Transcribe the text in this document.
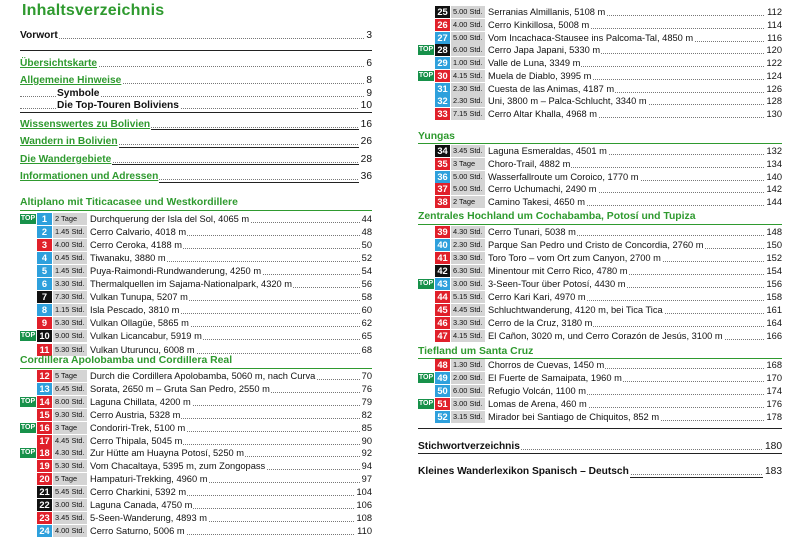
Inhaltsverzeichnis
Vorwort	3
Übersichtskarte	6
Allgemeine Hinweise	8
Symbole	9
Die Top-Touren Boliviens	10
Wissenswertes zu Bolivien	16
Wandern in Bolivien	26
Die Wandergebiete	28
Informationen und Adressen	36
Altiplano mit Titicacasee und Westkordillere
TOP 1	2 Tage	Durchquerung der Isla del Sol, 4065 m	44
2	1.45 Std. Cerro Calvario, 4018 m	48
3	4.00 Std. Cerro Ceroka, 4188 m	50
4	0.45 Std. Tiwanaku, 3880 m	52
5	1.45 Std. Puya-Raimondi-Rundwanderung, 4250 m	54
6	3.30 Std. Thermalquellen im Sajama-Nationalpark, 4320 m	56
7	7.30 Std. Vulkan Tunupa, 5207 m	58
8	1.15 Std. Isla Pescado, 3810 m	60
9	5.30 Std. Vulkan Ollagüe, 5865 m	62
TOP 10 9.00 Std. Vulkan Licancabur, 5919 m	65
11 5.30 Std. Vulkan Uturuncu, 6008 m	68
Cordillera Apolobamba und Cordillera Real
12 5 Tage	Durch die Cordillera Apolobamba, 5060 m, nach Curva	70
13 6.45 Std. Sorata, 2650 m – Gruta San Pedro, 2550 m	76
TOP 14 8.00 Std. Laguna Chillata, 4200 m	79
15 9.30 Std. Cerro Austria, 5328 m	82
TOP 16 3 Tage	Condoriri-Trek, 5100 m	85
17 4.45 Std. Cerro Thipala, 5045 m	90
TOP 18 4.30 Std. Zur Hütte am Huayna Potosí, 5250 m	92
19 5.30 Std. Vom Chacaltaya, 5395 m, zum Zongopass	94
20 5 Tage	Hampaturi-Trekking, 4960 m	97
21 5.45 Std. Cerro Charkini, 5392 m	104
22 3.00 Std. Laguna Canada, 4750 m	106
23 3.45 Std. 5-Seen-Wanderung, 4893 m	108
24 4.00 Std. Cerro Saturno, 5006 m	110
25 5.00 Std. Serranias Almillanis, 5108 m	112
26 4.00 Std. Cerro Kinkillosa, 5008 m	114
27 5.00 Std. Vom Incachaca-Stausee ins Palcoma-Tal, 4850 m	116
TOP 28 6.00 Std. Cerro Japa Japani, 5330 m	120
29 1.00 Std. Valle de Luna, 3349 m	122
TOP 30 4.15 Std. Muela de Diablo, 3995 m	124
31 2.30 Std. Cuesta de las Animas, 4187 m	126
32 2.30 Std. Uni, 3800 m – Palca-Schlucht, 3340 m	128
33 7.15 Std. Cerro Altar Khalla, 4968 m	130
Yungas
34 3.45 Std. Laguna Esmeraldas, 4501 m	132
35 3 Tage	Choro-Trail, 4882 m	134
36 5.00 Std. Wasserfallroute um Coroico, 1770 m	140
37 5.00 Std. Cerro Uchumachi, 2490 m	142
38 2 Tage	Camino Takesi, 4650 m	144
Zentrales Hochland um Cochabamba, Potosí und Tupiza
39 4.30 Std. Cerro Tunari, 5038 m	148
40 2.30 Std. Parque San Pedro und Cristo de Concordia, 2760 m	150
41 3.30 Std. Toro Toro – vom Ort zum Canyon, 2700 m	152
42 6.30 Std. Minentour mit Cerro Rico, 4780 m	154
TOP 43 3.00 Std. 3-Seen-Tour über Potosí, 4430 m	156
44 5.15 Std. Cerro Kari Kari, 4970 m	158
45 4.45 Std. Schluchtwanderung, 4120 m, bei Tica Tica	161
46 3.30 Std. Cerro de la Cruz, 3180 m	164
47 4.15 Std. El Cañon, 3020 m, und Cerro Corazón de Jesús, 3100 m	166
Tiefland um Santa Cruz
48 1.30 Std. Chorros de Cuevas, 1450 m	168
TOP 49 2.00 Std. El Fuerte de Samaipata, 1960 m	170
50 6.00 Std. Refugio Volcán, 1100 m	174
TOP 51 3.00 Std. Lomas de Arena, 460 m	176
52 3.15 Std. Mirador bei Santiago de Chiquitos, 852 m	178
Stichwortverzeichnis	180
Kleines Wanderlexikon Spanisch – Deutsch	183
